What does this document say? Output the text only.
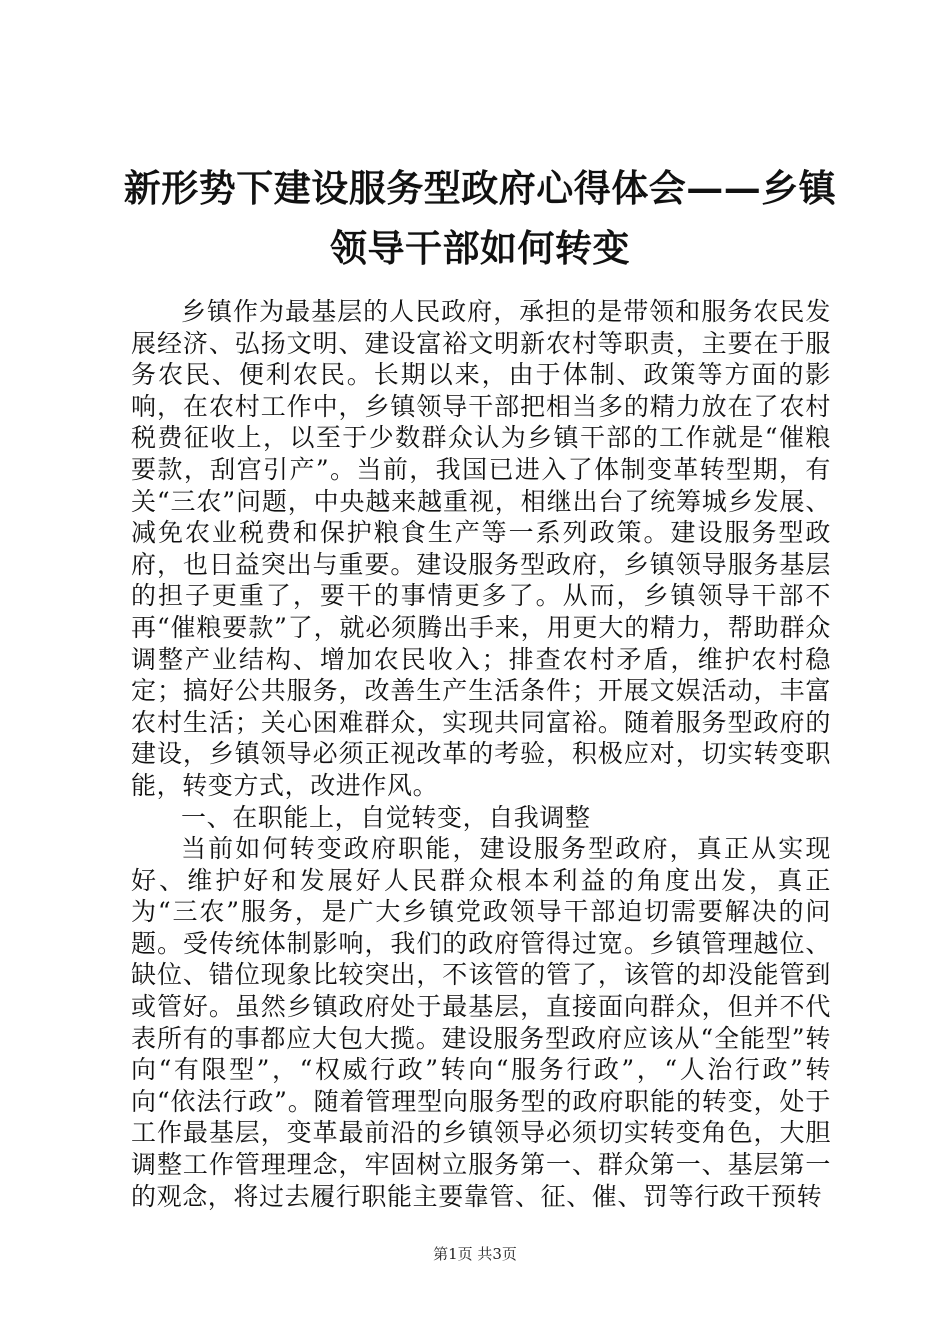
新形势下建设服务型政府心得体会——乡镇领导干部如何转变

乡镇作为最基层的人民政府，承担的是带领和服务农民发展经济、弘扬文明、建设富裕文明新农村等职责，主要在于服务农民、便利农民。长期以来，由于体制、政策等方面的影响，在农村工作中，乡镇领导干部把相当多的精力放在了农村税费征收上，以至于少数群众认为乡镇干部的工作就是“催粮要款，刮宫引产”。当前，我国已进入了体制变革转型期，有关“三农”问题，中央越来越重视，相继出台了统筹城乡发展、减免农业税费和保护粮食生产等一系列政策。建设服务型政府，也日益突出与重要。建设服务型政府，乡镇领导服务基层的担子更重了，要干的事情更多了。从而，乡镇领导干部不再“催粮要款”了，就必须腾出手来，用更大的精力，帮助群众调整产业结构、增加农民收入；排查农村矛盾，维护农村稳定；搞好公共服务，改善生产生活条件；开展文娱活动，丰富农村生活；关心困难群众，实现共同富裕。随着服务型政府的建设，乡镇领导必须正视改革的考验，积极应对，切实转变职能，转变方式，改进作风。

一、在职能上，自觉转变，自我调整

当前如何转变政府职能，建设服务型政府，真正从实现好、维护好和发展好人民群众根本利益的角度出发，真正为“三农”服务，是广大乡镇党政领导干部迫切需要解决的问题。受传统体制影响，我们的政府管得过宽。乡镇管理越位、缺位、错位现象比较突出，不该管的管了，该管的却没能管到或管好。虽然乡镇政府处于最基层，直接面向群众，但并不代表所有的事都应大包大揽。建设服务型政府应该从“全能型”转向“有限型”，“权威行政”转向“服务行政”，“人治行政”转向“依法行政”。随着管理型向服务型的政府职能的转变，处于工作最基层，变革最前沿的乡镇领导必须切实转变角色，大胆调整工作管理理念，牢固树立服务第一、群众第一、基层第一的观念，将过去履行职能主要靠管、征、催、罚等行政干预转

第1页 共3页
